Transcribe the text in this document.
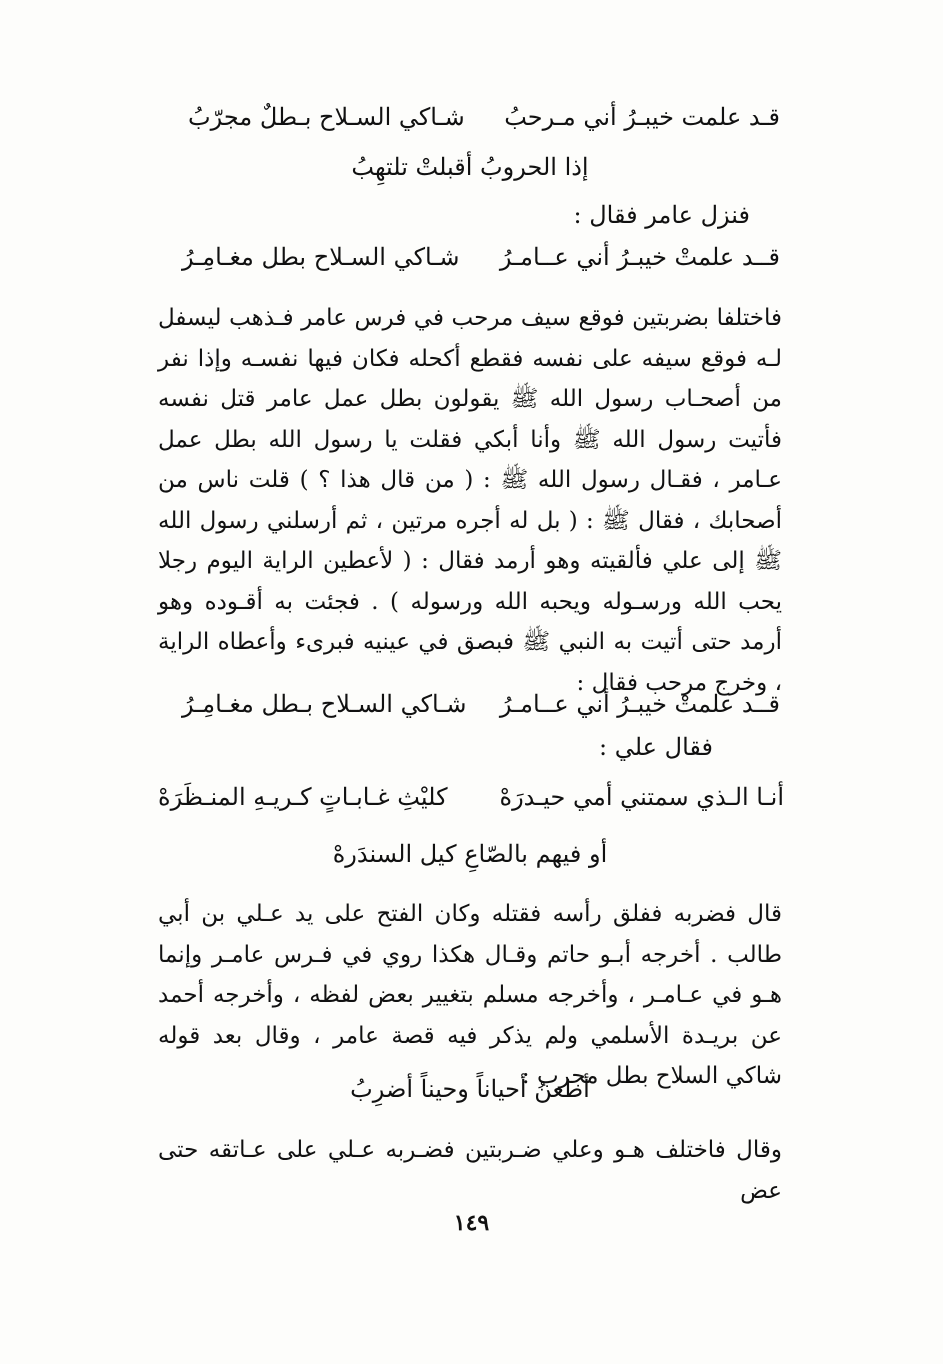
قـد علمت خيبـرُ أني مـرحبُ
شـاكي السـلاح بـطلٌ مجرّبُ
إذا الحروبُ أقبلتْ تلتهِبُ
فنزل عامر فقال :
قــد علمتْ خيبـرُ أني عــامـرُ
شـاكي السـلاح بطل مغـامِـرُ

فاختلفا بضربتين فوقع سيف مرحب في فرس عامر فـذهب ليسفل لـه فوقع سيفه على نفسه فقطع أكحله فكان فيها نفسـه وإذا نفر من أصحـاب رسول الله ﷺ يقولون بطل عمل عامر قتل نفسه فأتيت رسول الله ﷺ وأنا أبكي فقلت يا رسول الله بطل عمل عـامر ، فقـال رسول الله ﷺ : ( من قال هذا ؟ ) قلت ناس من أصحابك ، فقال ﷺ : ( بل له أجره مرتين ، ثم أرسلني رسول الله ﷺ إلى علي فألقيته وهو أرمد فقال : ( لأعطين الراية اليوم رجلا يحب الله ورسـوله ويحبه الله ورسوله ) . فجئت به أقـوده وهو أرمد حتى أتيت به النبي ﷺ فبصق في عينيه فبرىء وأعطاه الراية ، وخرج مرحب فقال :

قــد علمتْ خيبـرُ أني عــامـرُ
شـاكي السـلاح بـطل مغـامِـرُ
فقال علي :
أنـا الـذي سمتني أمي حيـدرَهْ
كليْثِ غـابـاتٍ كـريـهِ المنـظَرَهْ
أو فيهم بالصّاعِ كيل السندَرهْ

قال فضربه ففلق رأسه فقتله وكان الفتح على يد عـلي بن أبي طالب . أخرجه أبـو حاتم وقـال هكذا روي في فـرس عامـر وإنما هـو في عـامـر ، وأخرجه مسلم بتغيير بعض لفظه ، وأخرجه أحمد عن بريـدة الأسلمي ولم يذكر فيه قصة عامر ، وقال بعد قوله شاكي السلاح بطل مجرب :

أطعنُ أحياناً وحيناً أضرِبُ

وقال فاختلف هـو وعلي ضـربتين فضـربه عـلي على عـاتقه حتى عض

١٤٩
